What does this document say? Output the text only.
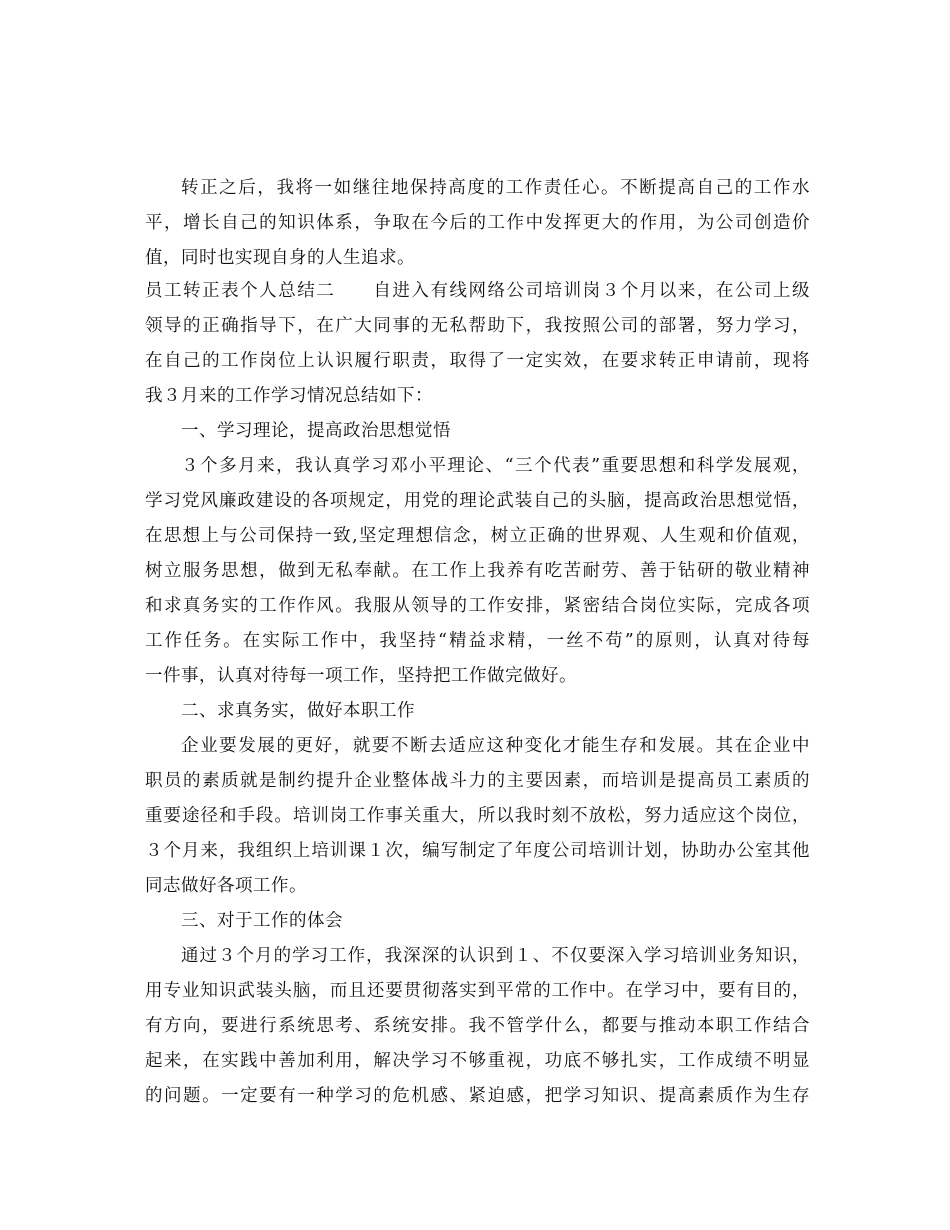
转正之后，我将一如继往地保持高度的工作责任心。不断提高自己的工作水
平，增长自己的知识体系，争取在今后的工作中发挥更大的作用，为公司创造价
值，同时也实现自身的人生追求。
员工转正表个人总结二　　自进入有线网络公司培训岗３个月以来，在公司上级
领导的正确指导下，在广大同事的无私帮助下，我按照公司的部署，努力学习，
在自己的工作岗位上认识履行职责，取得了一定实效，在要求转正申请前，现将
我３月来的工作学习情况总结如下：
一、学习理论，提高政治思想觉悟
３个多月来，我认真学习邓小平理论、“三个代表”重要思想和科学发展观，
学习党风廉政建设的各项规定，用党的理论武装自己的头脑，提高政治思想觉悟，
在思想上与公司保持一致,坚定理想信念，树立正确的世界观、人生观和价值观，
树立服务思想，做到无私奉献。在工作上我养有吃苦耐劳、善于钻研的敬业精神
和求真务实的工作作风。我服从领导的工作安排，紧密结合岗位实际，完成各项
工作任务。在实际工作中，我坚持“精益求精，一丝不苟”的原则，认真对待每
一件事，认真对待每一项工作，坚持把工作做完做好。
二、求真务实，做好本职工作
企业要发展的更好，就要不断去适应这种变化才能生存和发展。其在企业中
职员的素质就是制约提升企业整体战斗力的主要因素，而培训是提高员工素质的
重要途径和手段。培训岗工作事关重大，所以我时刻不放松，努力适应这个岗位，
３个月来，我组织上培训课１次，编写制定了年度公司培训计划，协助办公室其他
同志做好各项工作。
三、对于工作的体会
通过３个月的学习工作，我深深的认识到１、不仅要深入学习培训业务知识，
用专业知识武装头脑，而且还要贯彻落实到平常的工作中。在学习中，要有目的，
有方向，要进行系统思考、系统安排。我不管学什么，都要与推动本职工作结合
起来，在实践中善加利用，解决学习不够重视，功底不够扎实，工作成绩不明显
的问题。一定要有一种学习的危机感、紧迫感，把学习知识、提高素质作为生存
